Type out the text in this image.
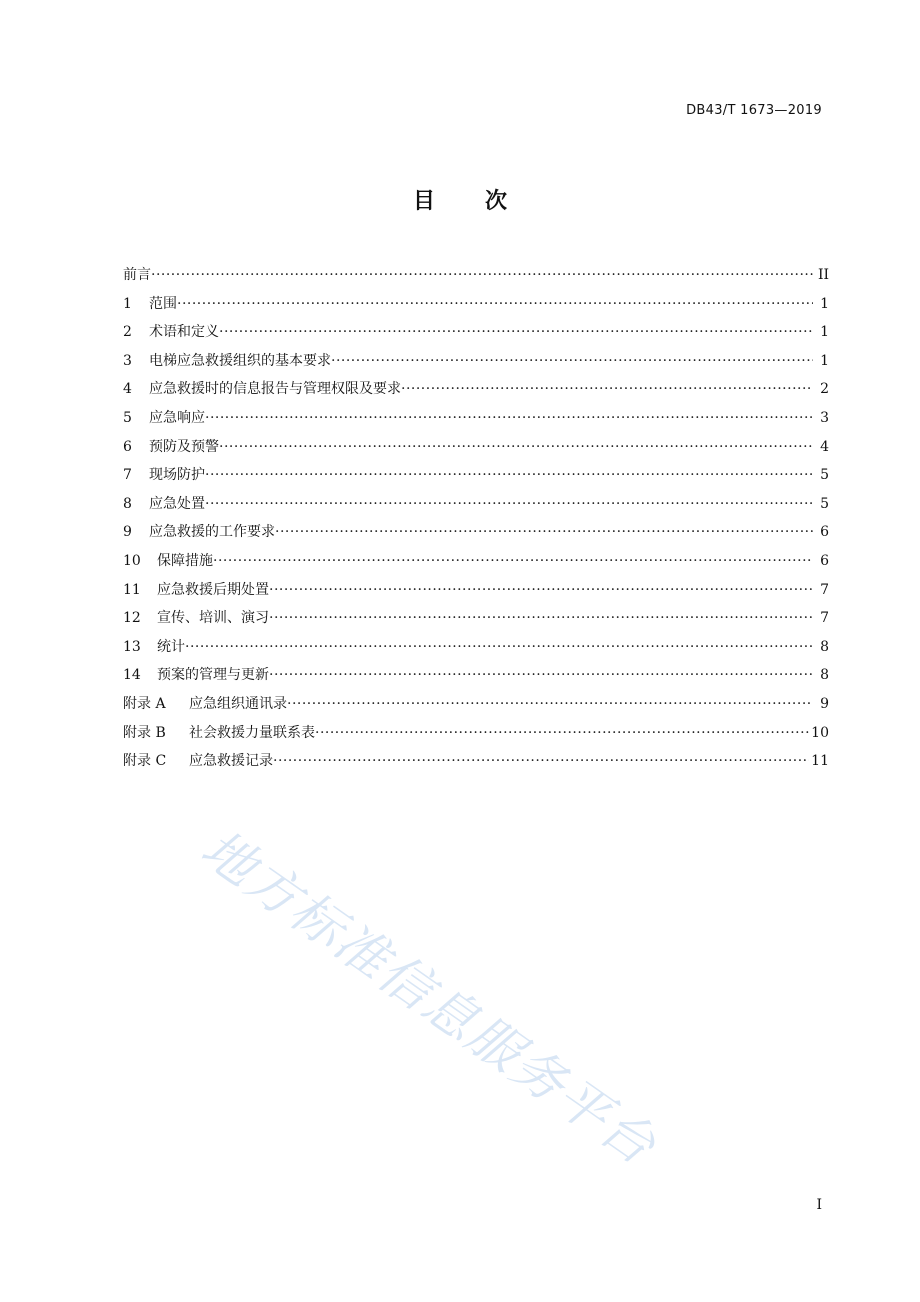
DB43/T 1673—2019
目 次
前言 ·····	II
1	范围 ·····	1
2	术语和定义 ·····	1
3	电梯应急救援组织的基本要求 ·····	1
4	应急救援时的信息报告与管理权限及要求 ·····	2
5	应急响应 ·····	3
6	预防及预警 ·····	4
7	现场防护 ·····	5
8	应急处置 ·····	5
9	应急救援的工作要求 ·····	6
10	保障措施 ·····	6
11	应急救援后期处置 ·····	7
12	宣传、培训、演习 ·····	7
13	统计 ·····	8
14	预案的管理与更新 ·····	8
附录 A	应急组织通讯录 ·····	9
附录 B	社会救援力量联系表 ·····	10
附录 C	应急救援记录 ·····	11
地方标准信息服务平台
I
